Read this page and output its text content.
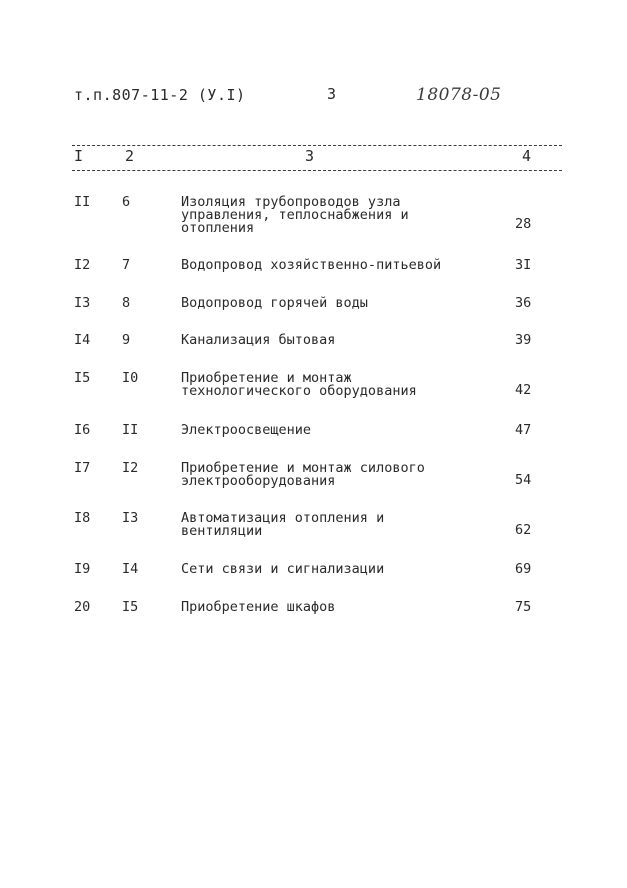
т.п.807-11-2 (У.I)	3	18078-05
I	2	3	4
II 6	Изоляция трубопроводов узла
управления, теплоснабжения и
отопления	28
I2 7	Водопровод хозяйственно-питьевой	3I
I3 8	Водопровод горячей воды	36
I4 9	Канализация бытовая	39
I5 I0	Приобретение и монтаж
технологического оборудования	42
I6 II	Электроосвещение	47
I7 I2	Приобретение и монтаж силового
электрооборудования	54
I8 I3	Автоматизация отопления и
вентиляции	62
I9 I4	Сети связи и сигнализации	69
20 I5	Приобретение шкафов	75
